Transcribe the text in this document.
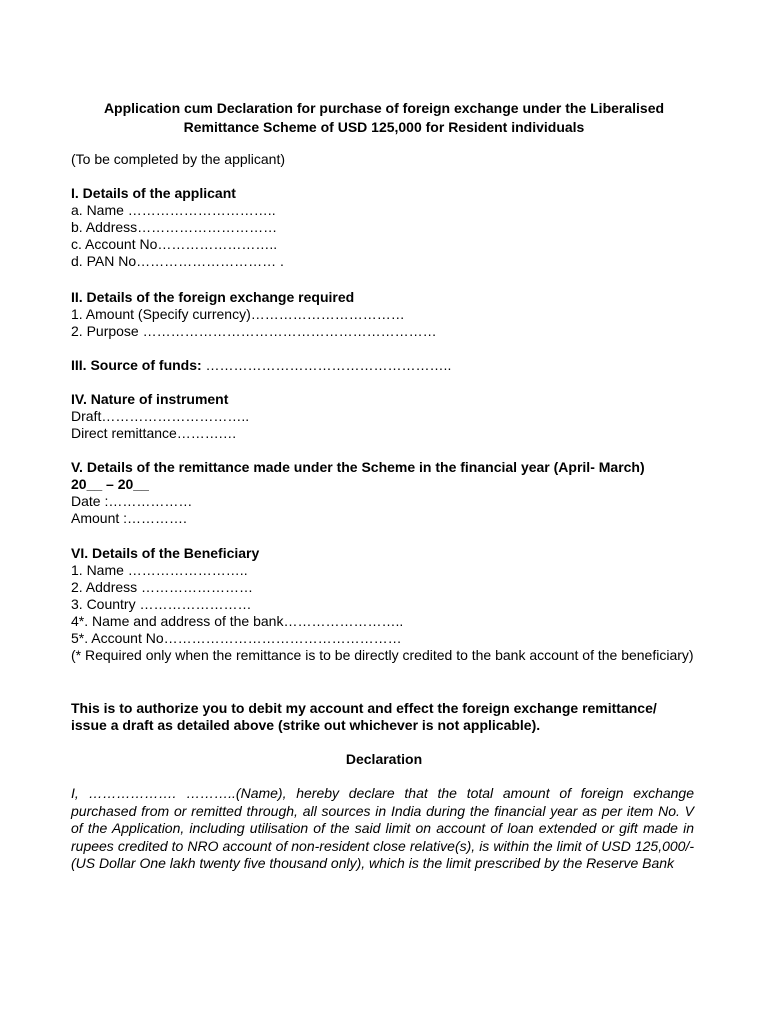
Application cum Declaration for purchase of foreign exchange under the Liberalised
Remittance Scheme of USD 125,000 for Resident individuals
(To be completed by the applicant)
I. Details of the applicant
a. Name …………………………..
b. Address…………………………
c. Account No……………………..
d. PAN No………………………… .
II. Details of the foreign exchange required
1. Amount (Specify currency)……………………………
2. Purpose ………………………………………………………
III. Source of funds: ……………………………………………..
IV. Nature of instrument
Draft…………………………..
Direct remittance……….…
V. Details of the remittance made under the Scheme in the financial year (April- March)
20__ – 20__
Date :………………
Amount :………….
VI. Details of the Beneficiary
1. Name ……………………..
2. Address ……………………
3. Country ……………………
4*. Name and address of the bank……………………..
5*. Account No……………………………………………
(* Required only when the remittance is to be directly credited to the bank account of the beneficiary)
This is to authorize you to debit my account and effect the foreign exchange remittance/ issue a draft as detailed above (strike out whichever is not applicable).
Declaration
I, ………………. ………..(Name), hereby declare that the total amount of foreign exchange purchased from or remitted through, all sources in India during the financial year as per item No. V of the Application, including utilisation of the said limit on account of loan extended or gift made in rupees credited to NRO account of non-resident close relative(s), is within the limit of USD 125,000/- (US Dollar One lakh twenty five thousand only), which is the limit prescribed by the Reserve Bank
